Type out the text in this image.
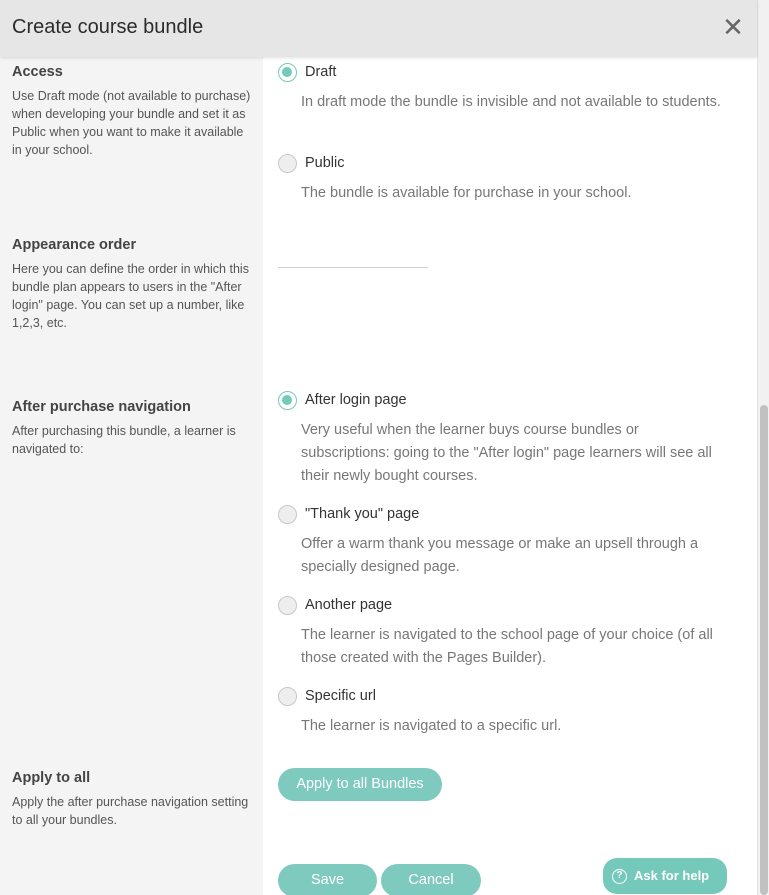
Create course bundle	✕
Access
Use Draft mode (not available to purchase) when developing your bundle and set it as Public when you want to make it available in your school.
Draft
In draft mode the bundle is invisible and not available to students.
Public
The bundle is available for purchase in your school.
Appearance order
Here you can define the order in which this bundle plan appears to users in the "After login" page. You can set up a number, like 1,2,3, etc.
After purchase navigation
After purchasing this bundle, a learner is navigated to:
After login page
Very useful when the learner buys course bundles or subscriptions: going to the "After login" page learners will see all their newly bought courses.
"Thank you" page
Offer a warm thank you message or make an upsell through a specially designed page.
Another page
The learner is navigated to the school page of your choice (of all those created with the Pages Builder).
Specific url
The learner is navigated to a specific url.
Apply to all
Apply the after purchase navigation setting to all your bundles.
Apply to all Bundles
Save	Cancel	? Ask for help
